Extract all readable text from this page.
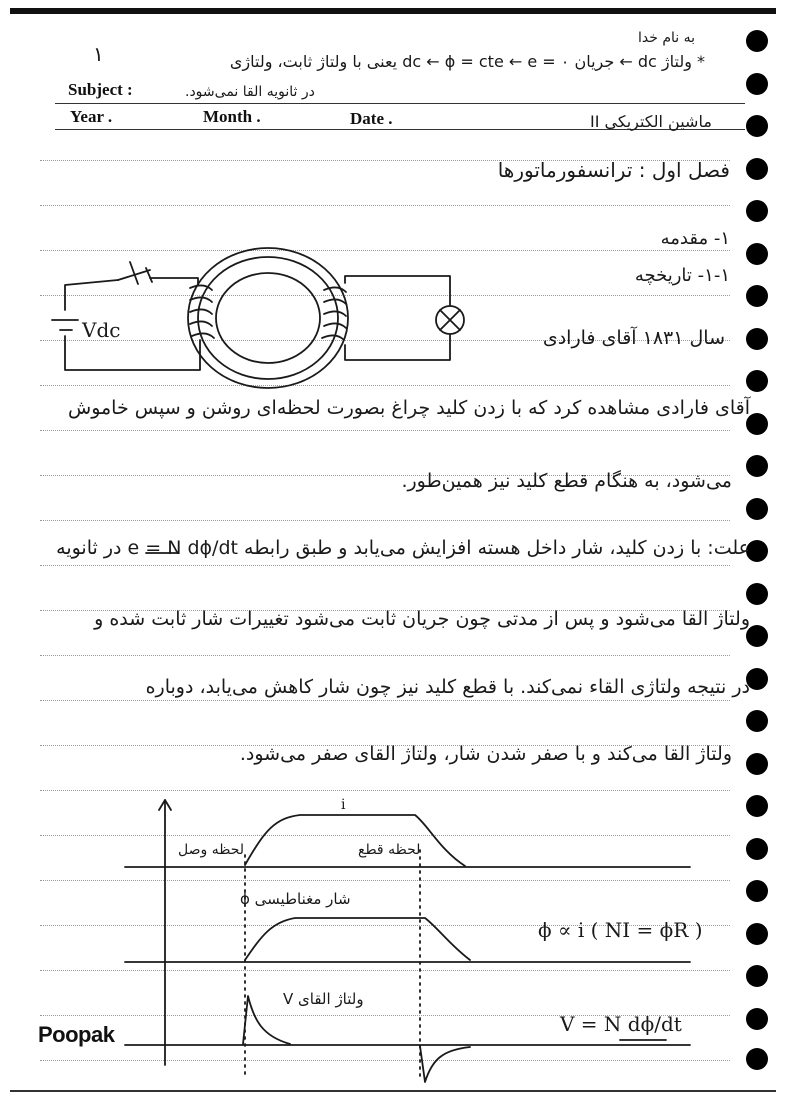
Subject :
Year .	Month .	Date .
١
به نام خدا
* ولتاژ dc ← جریان dc ← ϕ = cte ← e = ۰ یعنی با ولتاژ ثابت، ولتاژی
در ثانویه القا نمی‌شود.
ماشین الکتریکی II
فصل اول : ترانسفورماتورها
۱- مقدمه
۱-۱- تاریخچه
سال ۱۸۳۱ آقای فارادی
Vdc
آقای فارادی مشاهده کرد که با زدن کلید چراغ بصورت لحظه‌ای روشن و سپس خاموش
می‌شود، به هنگام قطع کلید نیز همین‌طور.
علت: با زدن کلید، شار داخل هسته افزایش می‌یابد و طبق رابطه e = N dϕ/dt در ثانویه
ولتاژ القا می‌شود و پس از مدتی چون جریان ثابت می‌شود تغییرات شار ثابت شده و
در نتیجه ولتاژی القاء نمی‌کند. با قطع کلید نیز چون شار کاهش می‌یابد، دوباره
ولتاژ القا می‌کند و با صفر شدن شار، ولتاژ القای صفر می‌شود.
i
لحظه وصل	لحظه قطع
شار مغناطیسی ϕ
ϕ ∝ i ( NI = ϕR )
ولتاژ القای V
V = N dϕ/dt
Poopak
